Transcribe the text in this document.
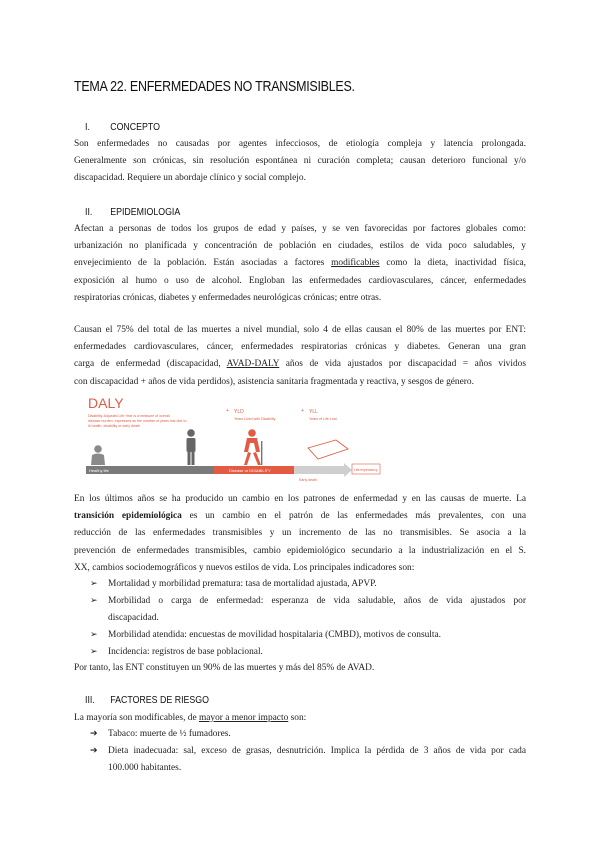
TEMA 22. ENFERMEDADES NO TRANSMISIBLES.
I. CONCEPTO
Son enfermedades no causadas por agentes infecciosos, de etiología compleja y latencia prolongada.
Generalmente son crónicas, sin resolución espontánea ni curación completa; causan deterioro funcional y/o
discapacidad. Requiere un abordaje clínico y social complejo.
II. EPIDEMIOLOGÍA
Afectan a personas de todos los grupos de edad y países, y se ven favorecidas por factores globales como:
urbanización no planificada y concentración de población en ciudades, estilos de vida poco saludables, y
envejecimiento de la población. Están asociadas a factores modificables como la dieta, inactividad física,
exposición al humo o uso de alcohol. Engloban las enfermedades cardiovasculares, cáncer, enfermedades
respiratorias crónicas, diabetes y enfermedades neurológicas crónicas; entre otras.
Causan el 75% del total de las muertes a nivel mundial, solo 4 de ellas causan el 80% de las muertes por ENT:
enfermedades cardiovasculares, cáncer, enfermedades respiratorias crónicas y diabetes. Generan una gran
carga de enfermedad (discapacidad, AVAD-DALY años de vida ajustados por discapacidad = años vividos
con discapacidad + años de vida perdidos), asistencia sanitaria fragmentada y reactiva, y sesgos de género.
DALY
Disability-Adjusted Life Year is a measure of overall
disease burden, expressed as the number of years lost due to
ill-health, disability or early death
+ YLD
Years Lived with Disability
+ YLL
Years of Life Lost
Healthy life	Disease or DISABILITY
Early death
Life expectancy
En los últimos años se ha producido un cambio en los patrones de enfermedad y en las causas de muerte. La
transición epidemiológica es un cambio en el patrón de las enfermedades más prevalentes, con una
reducción de las enfermedades transmisibles y un incremento de las no transmisibles. Se asocia a la
prevención de enfermedades transmisibles, cambio epidemiológico secundario a la industrialización en el S.
XX, cambios sociodemográficos y nuevos estilos de vida. Los principales indicadores son:
➢	Mortalidad y morbilidad prematura: tasa de mortalidad ajustada, APVP.
➢	Morbilidad o carga de enfermedad: esperanza de vida saludable, años de vida ajustados por
discapacidad.
➢	Morbilidad atendida: encuestas de movilidad hospitalaria (CMBD), motivos de consulta.
➢	Incidencia: registros de base poblacional.
Por tanto, las ENT constituyen un 90% de las muertes y más del 85% de AVAD.
III. FACTORES DE RIESGO
La mayoría son modificables, de mayor a menor impacto son:
➔	Tabaco: muerte de ½ fumadores.
➔	Dieta inadecuada: sal, exceso de grasas, desnutrición. Implica la pérdida de 3 años de vida por cada
100.000 habitantes.
